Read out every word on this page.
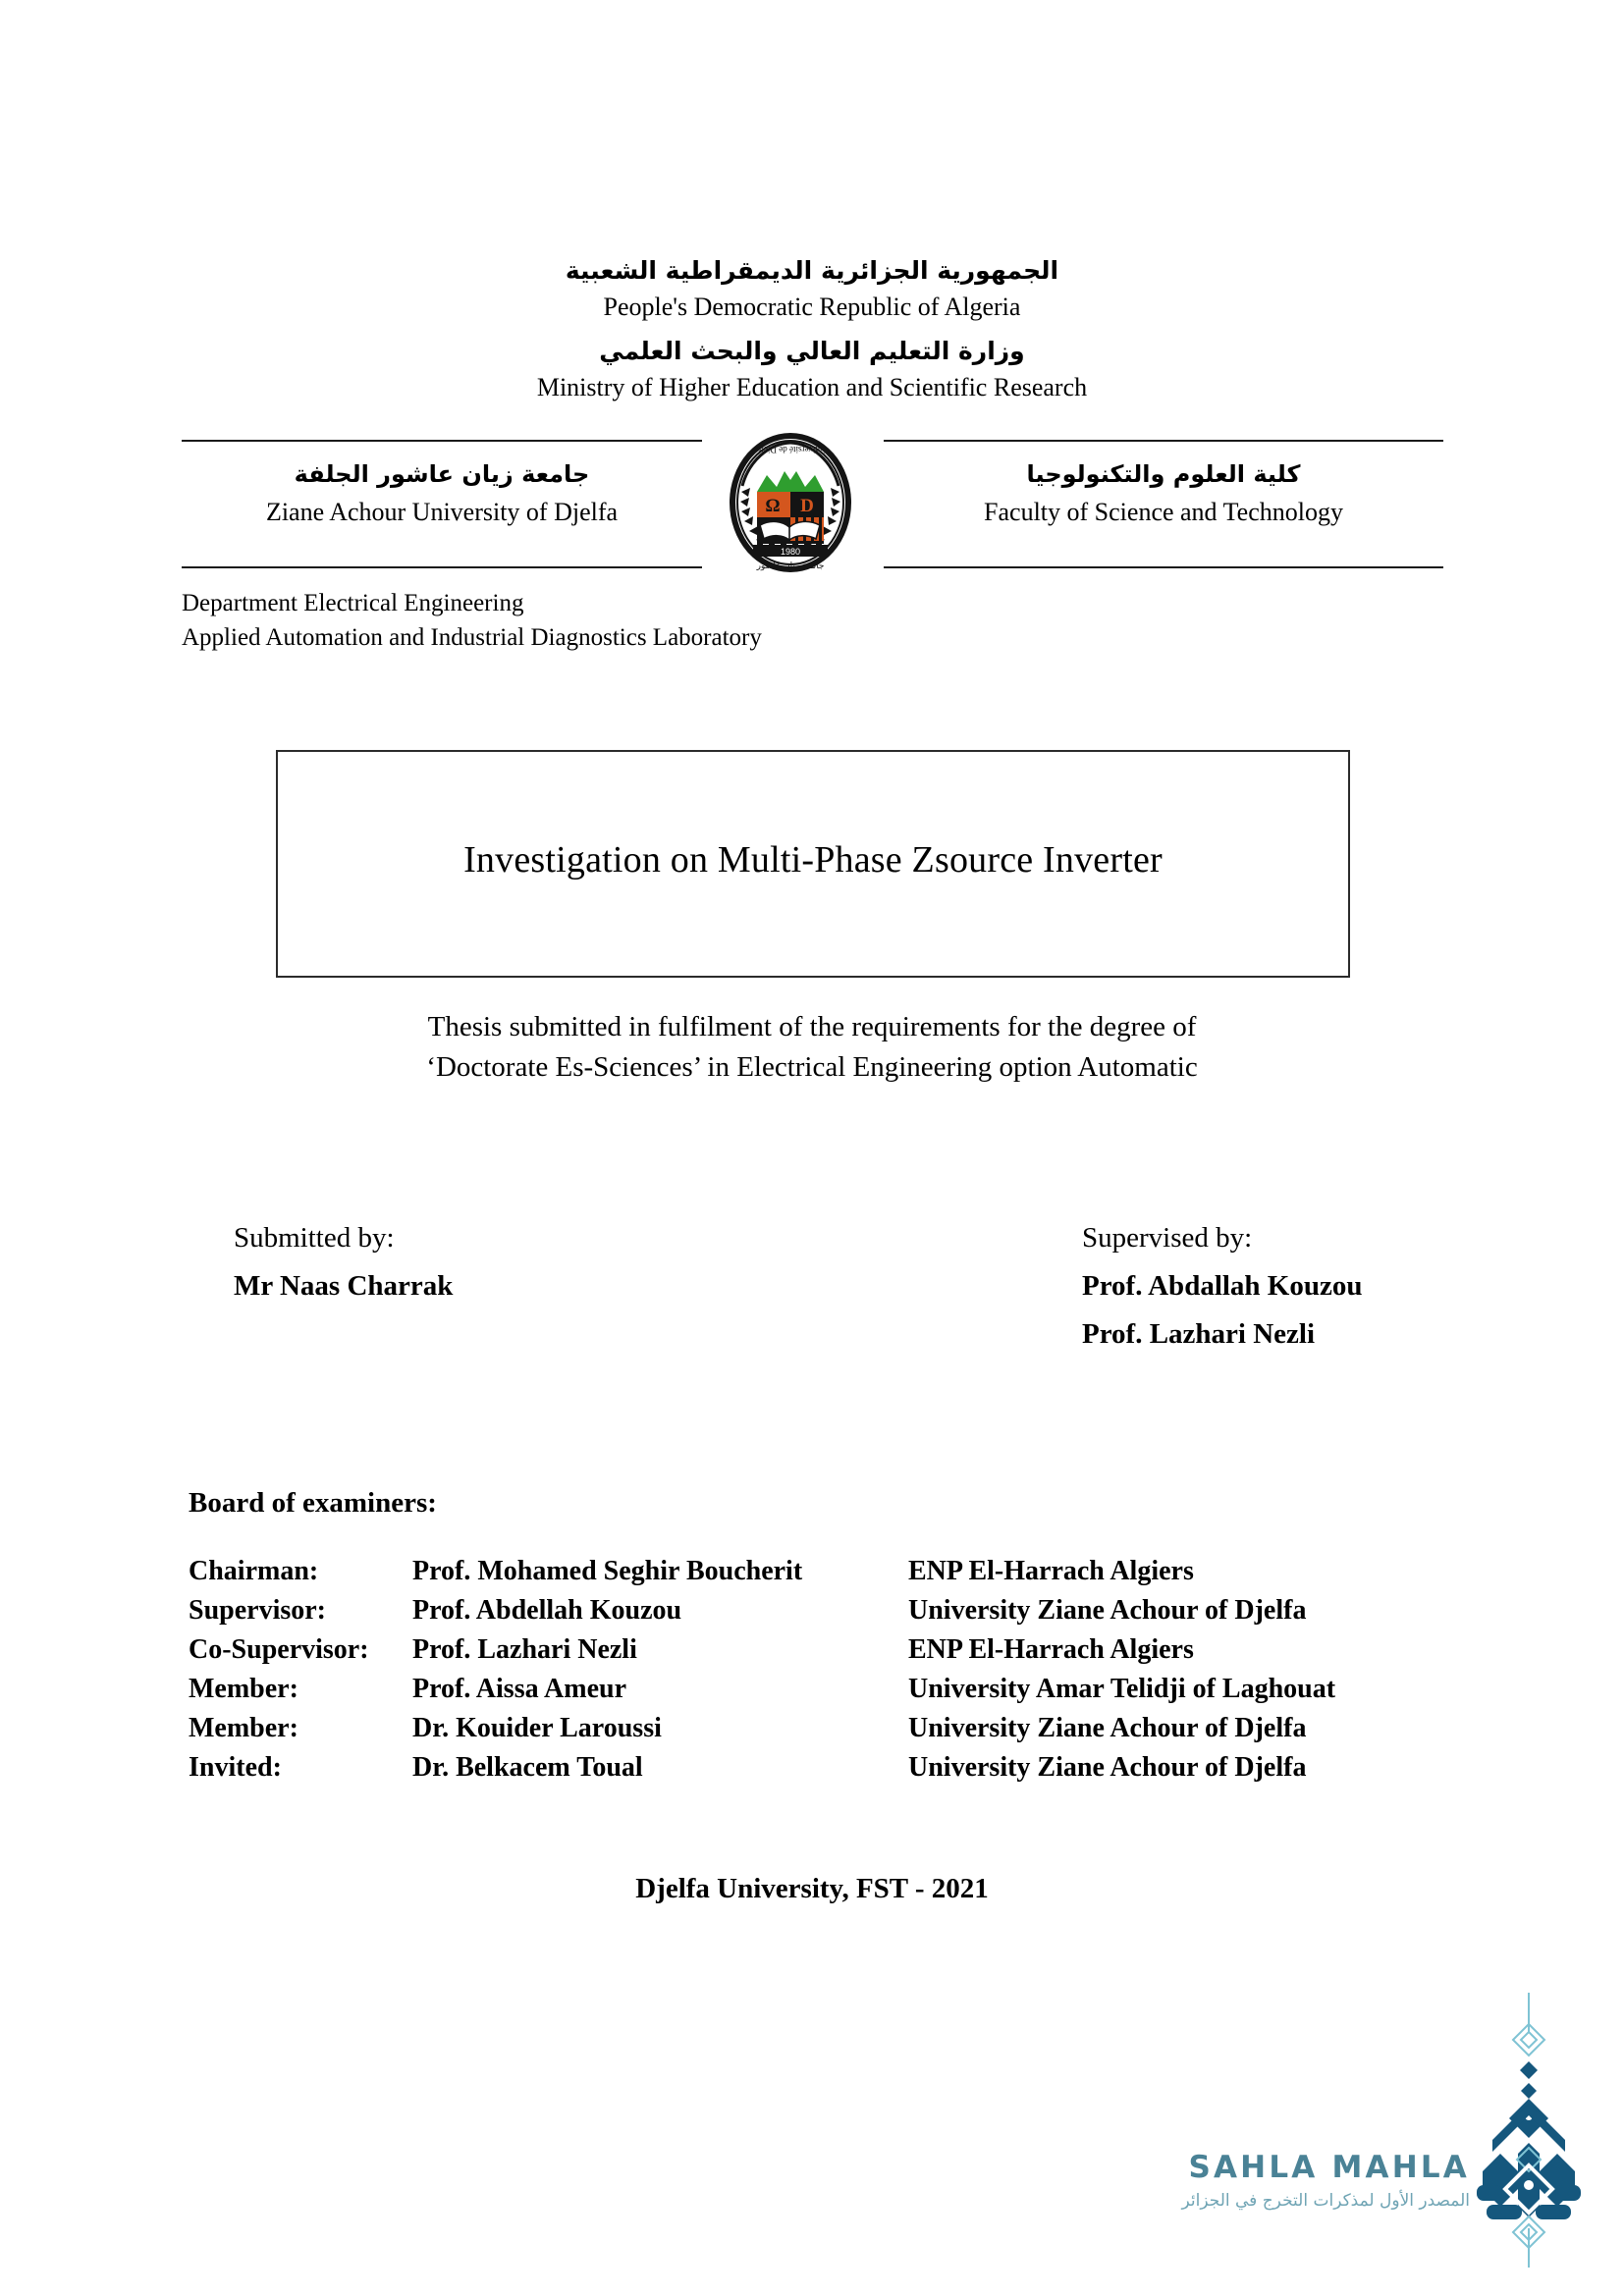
الجمهورية الجزائرية الديمقراطية الشعبية
People's Democratic Republic of Algeria
وزارة التعليم العالي والبحث العلمي
Ministry of Higher Education and Scientific Research
جامعة زيان عاشور الجلفة
Ziane Achour University of Djelfa
Université de Djelfa
Ω D
1980
جامعة زيان عاشور
كلية العلوم والتكنولوجيا
Faculty of Science and Technology
Department Electrical Engineering
Applied Automation and Industrial Diagnostics Laboratory
Investigation on Multi-Phase Zsource Inverter
Thesis submitted in fulfilment of the requirements for the degree of
‘Doctorate Es-Sciences’ in Electrical Engineering option Automatic
Submitted by:
Mr Naas Charrak
Supervised by:
Prof. Abdallah Kouzou
Prof. Lazhari Nezli
Board of examiners:
Chairman:	Prof. Mohamed Seghir Boucherit	ENP El-Harrach Algiers
Supervisor:	Prof. Abdellah Kouzou	University Ziane Achour of Djelfa
Co-Supervisor:	Prof. Lazhari Nezli	ENP El-Harrach Algiers
Member:	Prof. Aissa Ameur	University Amar Telidji of Laghouat
Member:	Dr. Kouider Laroussi	University Ziane Achour of Djelfa
Invited:	Dr. Belkacem Toual	University Ziane Achour of Djelfa
Djelfa University, FST - 2021
SAHLA MAHLA
المصدر الأول لمذكرات التخرج في الجزائر
